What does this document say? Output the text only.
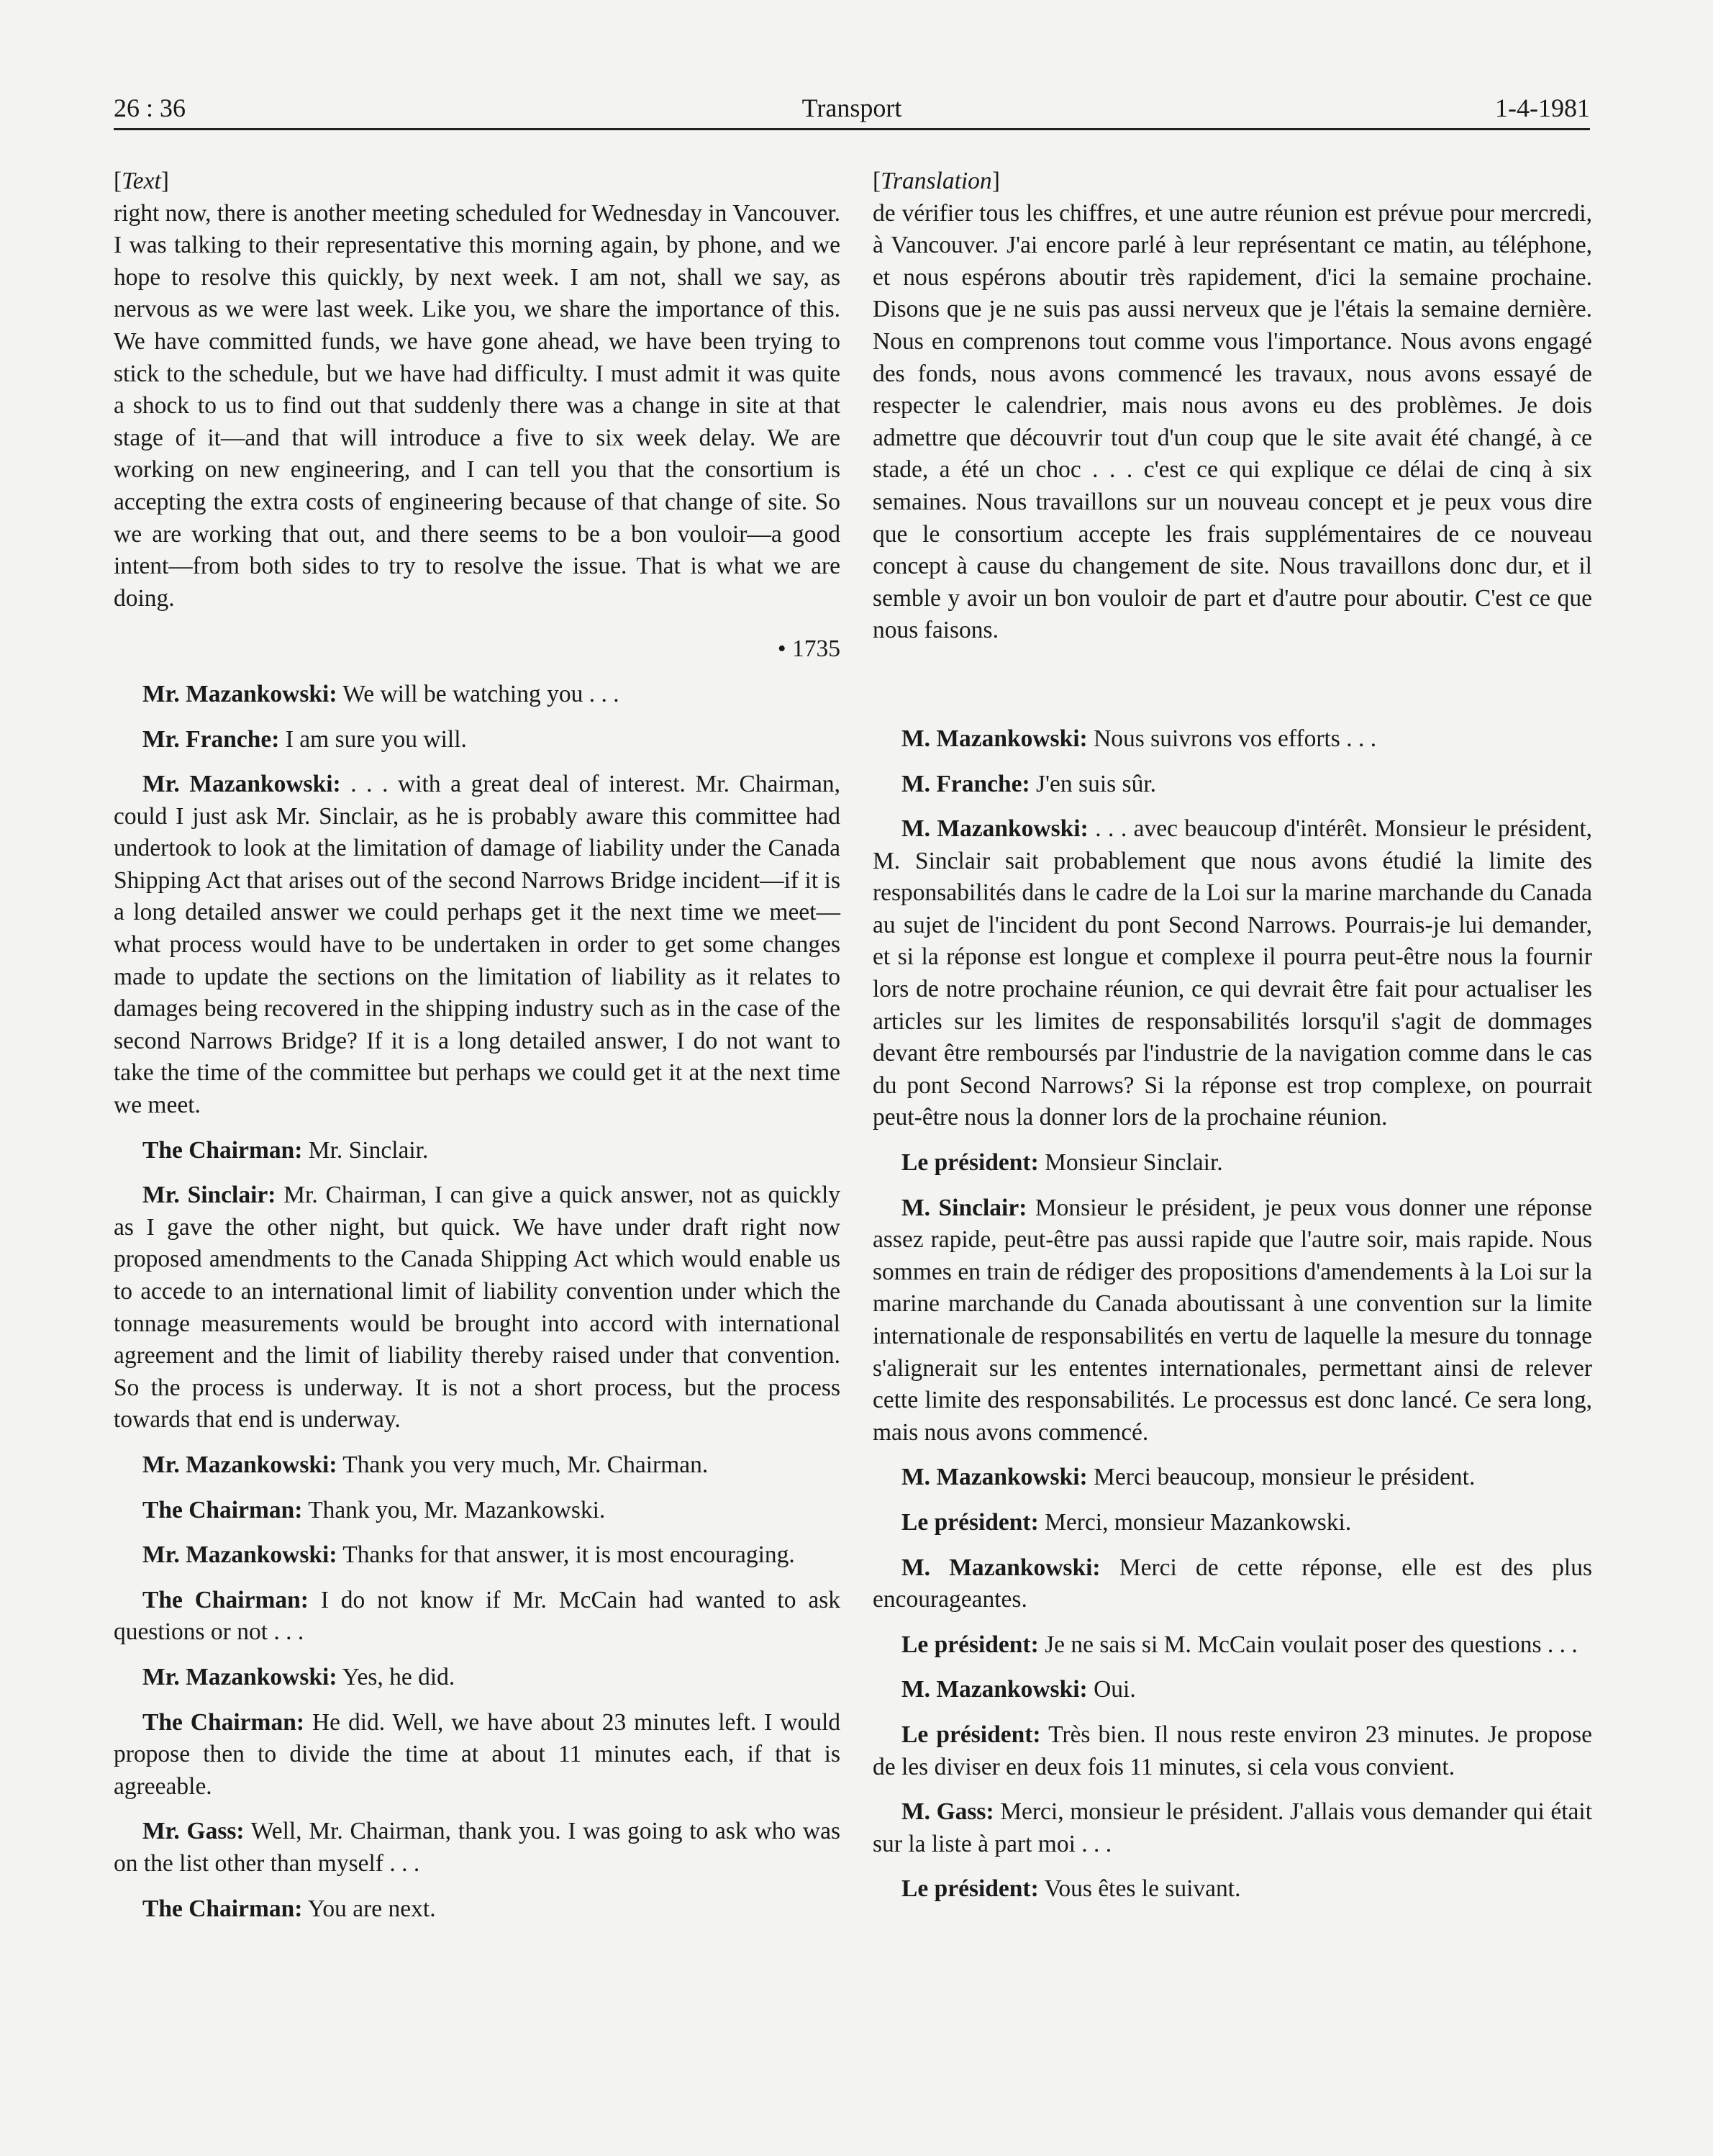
26 : 36	Transport	1-4-1981

[Text]

right now, there is another meeting scheduled for Wednesday in Vancouver. I was talking to their representative this morning again, by phone, and we hope to resolve this quickly, by next week. I am not, shall we say, as nervous as we were last week. Like you, we share the importance of this. We have committed funds, we have gone ahead, we have been trying to stick to the schedule, but we have had difficulty. I must admit it was quite a shock to us to find out that suddenly there was a change in site at that stage of it—and that will introduce a five to six week delay. We are working on new engineering, and I can tell you that the consortium is accepting the extra costs of engineering because of that change of site. So we are working that out, and there seems to be a bon vouloir—a good intent—from both sides to try to resolve the issue. That is what we are doing.

• 1735

Mr. Mazankowski: We will be watching you . . .

Mr. Franche: I am sure you will.

Mr. Mazankowski: . . . with a great deal of interest. Mr. Chairman, could I just ask Mr. Sinclair, as he is probably aware this committee had undertook to look at the limitation of damage of liability under the Canada Shipping Act that arises out of the second Narrows Bridge incident—if it is a long detailed answer we could perhaps get it the next time we meet—what process would have to be undertaken in order to get some changes made to update the sections on the limitation of liability as it relates to damages being recovered in the shipping industry such as in the case of the second Narrows Bridge? If it is a long detailed answer, I do not want to take the time of the committee but perhaps we could get it at the next time we meet.

The Chairman: Mr. Sinclair.

Mr. Sinclair: Mr. Chairman, I can give a quick answer, not as quickly as I gave the other night, but quick. We have under draft right now proposed amendments to the Canada Shipping Act which would enable us to accede to an international limit of liability convention under which the tonnage measurements would be brought into accord with international agreement and the limit of liability thereby raised under that convention. So the process is underway. It is not a short process, but the process towards that end is underway.

Mr. Mazankowski: Thank you very much, Mr. Chairman.

The Chairman: Thank you, Mr. Mazankowski.

Mr. Mazankowski: Thanks for that answer, it is most encouraging.

The Chairman: I do not know if Mr. McCain had wanted to ask questions or not . . .

Mr. Mazankowski: Yes, he did.

The Chairman: He did. Well, we have about 23 minutes left. I would propose then to divide the time at about 11 minutes each, if that is agreeable.

Mr. Gass: Well, Mr. Chairman, thank you. I was going to ask who was on the list other than myself . . .

The Chairman: You are next.

[Translation]

de vérifier tous les chiffres, et une autre réunion est prévue pour mercredi, à Vancouver. J'ai encore parlé à leur représentant ce matin, au téléphone, et nous espérons aboutir très rapidement, d'ici la semaine prochaine. Disons que je ne suis pas aussi nerveux que je l'étais la semaine dernière. Nous en comprenons tout comme vous l'importance. Nous avons engagé des fonds, nous avons commencé les travaux, nous avons essayé de respecter le calendrier, mais nous avons eu des problèmes. Je dois admettre que découvrir tout d'un coup que le site avait été changé, à ce stade, a été un choc . . . c'est ce qui explique ce délai de cinq à six semaines. Nous travaillons sur un nouveau concept et je peux vous dire que le consortium accepte les frais supplémentaires de ce nouveau concept à cause du changement de site. Nous travaillons donc dur, et il semble y avoir un bon vouloir de part et d'autre pour aboutir. C'est ce que nous faisons.

M. Mazankowski: Nous suivrons vos efforts . . .

M. Franche: J'en suis sûr.

M. Mazankowski: . . . avec beaucoup d'intérêt. Monsieur le président, M. Sinclair sait probablement que nous avons étudié la limite des responsabilités dans le cadre de la Loi sur la marine marchande du Canada au sujet de l'incident du pont Second Narrows. Pourrais-je lui demander, et si la réponse est longue et complexe il pourra peut-être nous la fournir lors de notre prochaine réunion, ce qui devrait être fait pour actualiser les articles sur les limites de responsabilités lorsqu'il s'agit de dommages devant être remboursés par l'industrie de la navigation comme dans le cas du pont Second Narrows? Si la réponse est trop complexe, on pourrait peut-être nous la donner lors de la prochaine réunion.

Le président: Monsieur Sinclair.

M. Sinclair: Monsieur le président, je peux vous donner une réponse assez rapide, peut-être pas aussi rapide que l'autre soir, mais rapide. Nous sommes en train de rédiger des propositions d'amendements à la Loi sur la marine marchande du Canada aboutissant à une convention sur la limite internationale de responsabilités en vertu de laquelle la mesure du tonnage s'alignerait sur les ententes internationales, permettant ainsi de relever cette limite des responsabilités. Le processus est donc lancé. Ce sera long, mais nous avons commencé.

M. Mazankowski: Merci beaucoup, monsieur le président.

Le président: Merci, monsieur Mazankowski.

M. Mazankowski: Merci de cette réponse, elle est des plus encourageantes.

Le président: Je ne sais si M. McCain voulait poser des questions . . .

M. Mazankowski: Oui.

Le président: Très bien. Il nous reste environ 23 minutes. Je propose de les diviser en deux fois 11 minutes, si cela vous convient.

M. Gass: Merci, monsieur le président. J'allais vous demander qui était sur la liste à part moi . . .

Le président: Vous êtes le suivant.
